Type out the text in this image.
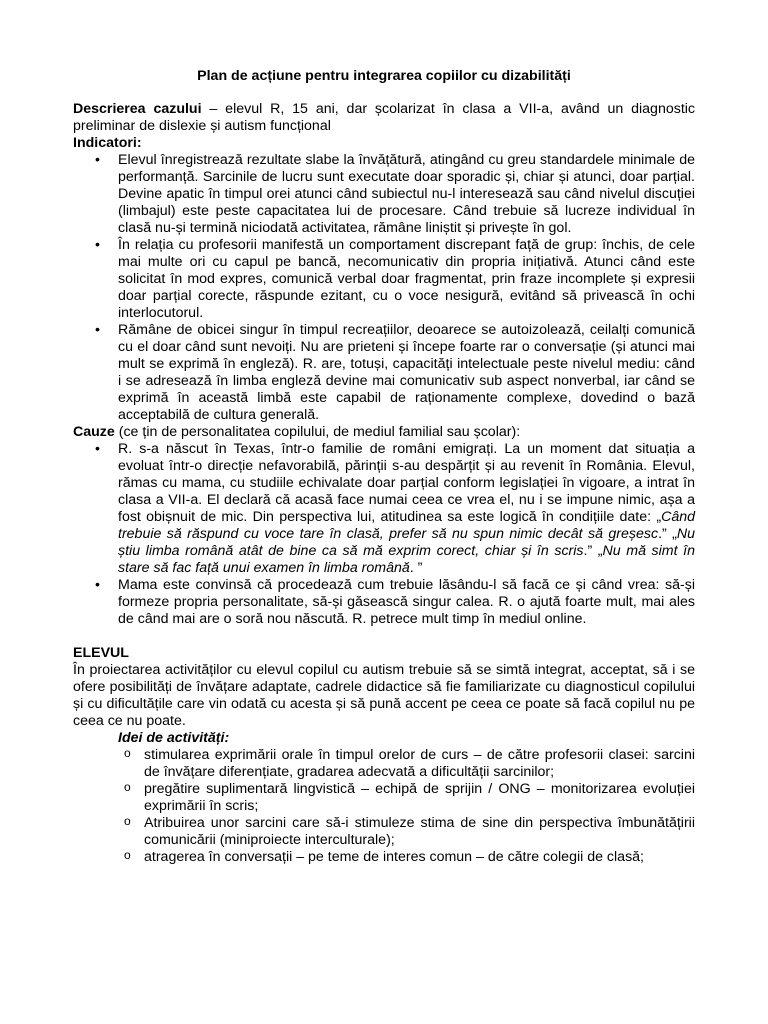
Plan de acțiune pentru integrarea copiilor cu dizabilități

Descrierea cazului – elevul R, 15 ani, dar școlarizat în clasa a VII-a, având un diagnostic preliminar de dislexie și autism funcțional

Indicatori:
• Elevul înregistrează rezultate slabe la învățătură, atingând cu greu standardele minimale de performanță. Sarcinile de lucru sunt executate doar sporadic și, chiar și atunci, doar parțial. Devine apatic în timpul orei atunci când subiectul nu-l interesează sau când nivelul discuției (limbajul) este peste capacitatea lui de procesare. Când trebuie să lucreze individual în clasă nu-și termină niciodată activitatea, rămâne liniștit și privește în gol.
• În relația cu profesorii manifestă un comportament discrepant față de grup: închis, de cele mai multe ori cu capul pe bancă, necomunicativ din propria inițiativă. Atunci când este solicitat în mod expres, comunică verbal doar fragmentat, prin fraze incomplete și expresii doar parțial corecte, răspunde ezitant, cu o voce nesigură, evitând să privească în ochi interlocutorul.
• Rămâne de obicei singur în timpul recreațiilor, deoarece se autoizolează, ceilalți comunică cu el doar când sunt nevoiți. Nu are prieteni și începe foarte rar o conversație (și atunci mai mult se exprimă în engleză). R. are, totuși, capacități intelectuale peste nivelul mediu: când i se adresează în limba engleză devine mai comunicativ sub aspect nonverbal, iar când se exprimă în această limbă este capabil de raționamente complexe, dovedind o bază acceptabilă de cultura generală.

Cauze (ce țin de personalitatea copilului, de mediul familial sau școlar):

• R. s-a născut în Texas, într-o familie de români emigrați. La un moment dat situația a evoluat într-o direcție nefavorabilă, părinții s-au despărțit și au revenit în România. Elevul, rămas cu mama, cu studiile echivalate doar parțial conform legislației în vigoare, a intrat în clasa a VII-a. El declară că acasă face numai ceea ce vrea el, nu i se impune nimic, așa a fost obișnuit de mic. Din perspectiva lui, atitudinea sa este logică în condițiile date: „Când trebuie să răspund cu voce tare în clasă, prefer să nu spun nimic decât să greșesc.” „Nu știu limba română atât de bine ca să mă exprim corect, chiar și în scris.” „Nu mă simt în stare să fac față unui examen în limba română. ”
• Mama este convinsă că procedează cum trebuie lăsându-l să facă ce și când vrea: să-și formeze propria personalitate, să-și găsească singur calea. R. o ajută foarte mult, mai ales de când mai are o soră nou născută. R. petrece mult timp în mediul online.
ELEVUL

În proiectarea activităților cu elevul copilul cu autism trebuie să se simtă integrat, acceptat, să i se ofere posibilități de învățare adaptate, cadrele didactice să fie familiarizate cu diagnosticul copilului și cu dificultățile care vin odată cu acesta și să pună accent pe ceea ce poate să facă copilul nu pe ceea ce nu poate.

Idei de activități:
o stimularea exprimării orale în timpul orelor de curs – de către profesorii clasei: sarcini de învățare diferențiate, gradarea adecvată a dificultății sarcinilor;
o pregătire suplimentară lingvistică – echipă de sprijin / ONG – monitorizarea evoluției exprimării în scris;
o Atribuirea unor sarcini care să-i stimuleze stima de sine din perspectiva îmbunătățirii comunicării (miniproiecte interculturale);
o atragerea în conversații – pe teme de interes comun – de către colegii de clasă;
